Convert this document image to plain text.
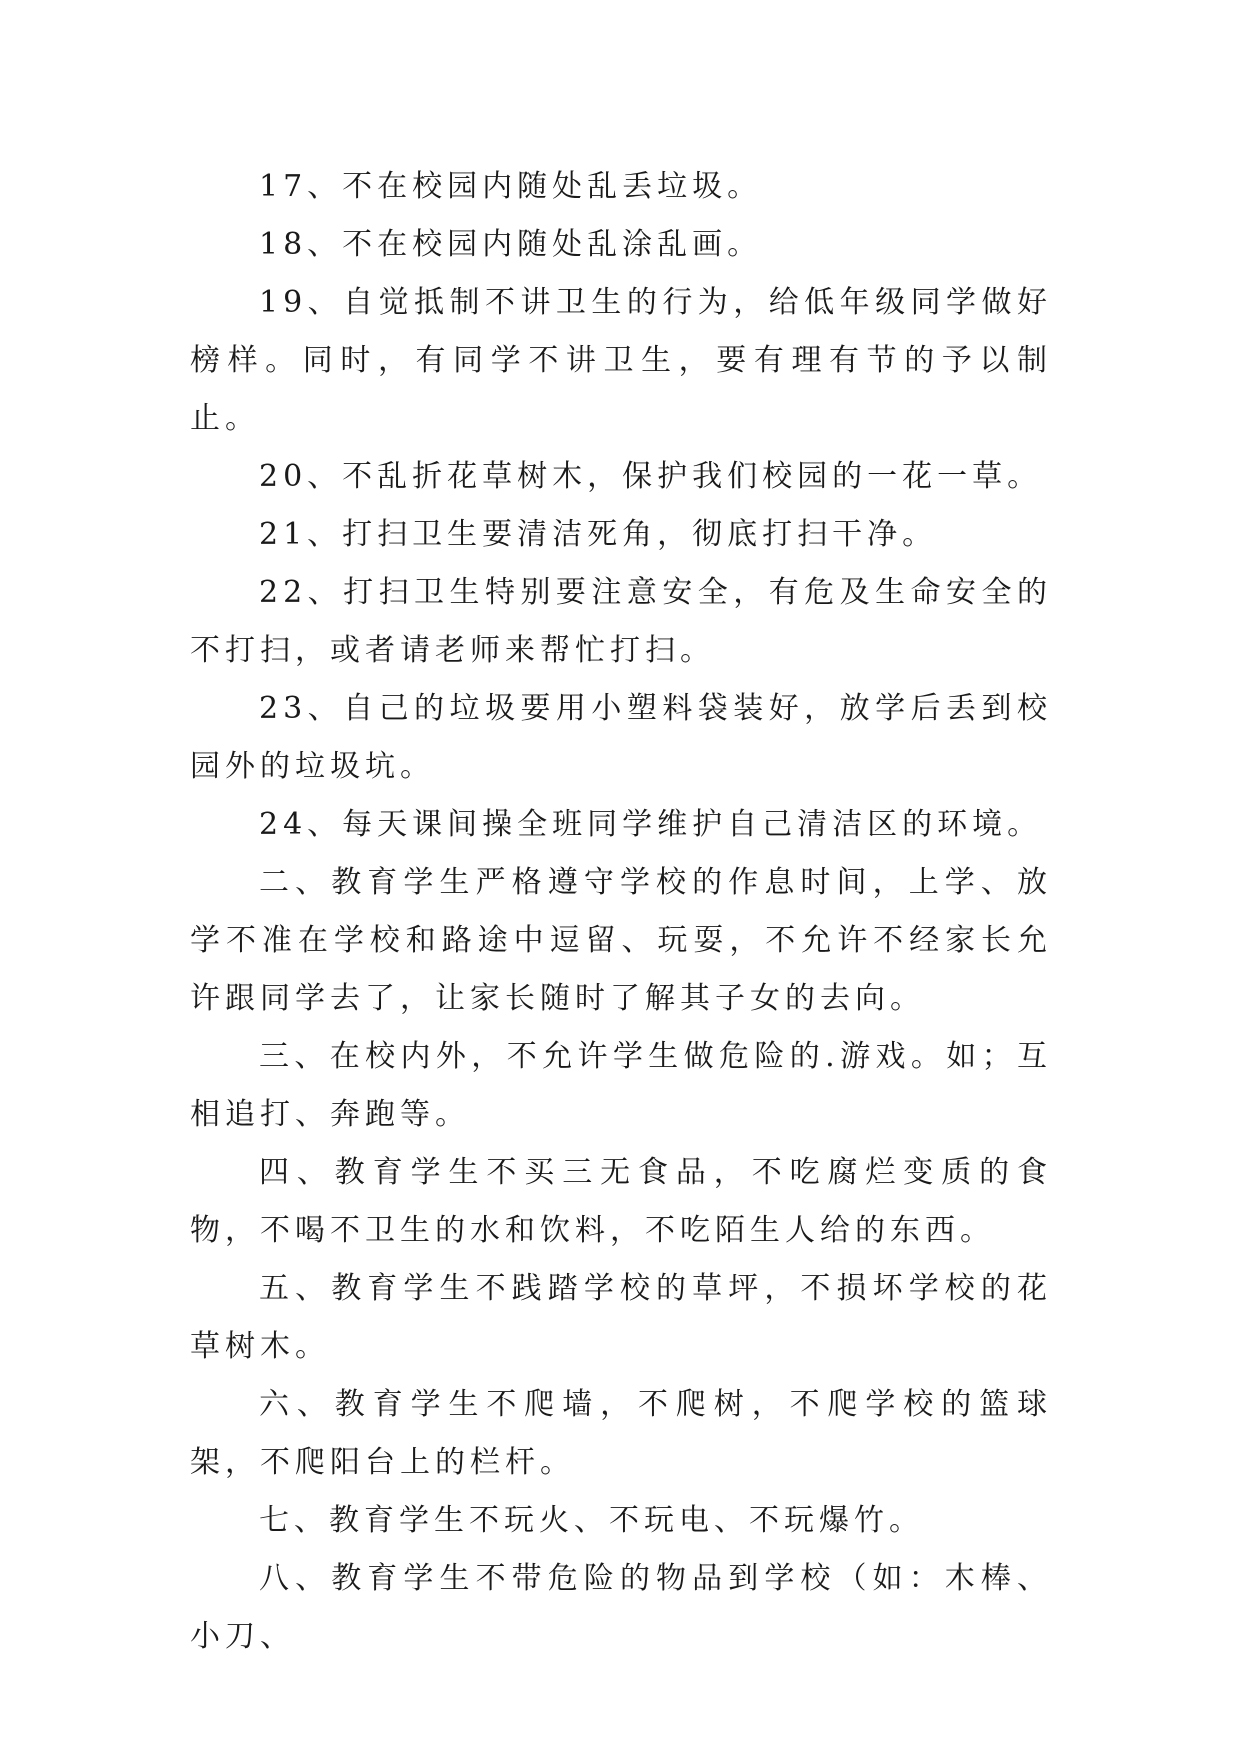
17、不在校园内随处乱丢垃圾。

18、不在校园内随处乱涂乱画。

19、自觉抵制不讲卫生的行为，给低年级同学做好榜样。同时，有同学不讲卫生，要有理有节的予以制止。

20、不乱折花草树木，保护我们校园的一花一草。

21、打扫卫生要清洁死角，彻底打扫干净。

22、打扫卫生特别要注意安全，有危及生命安全的不打扫，或者请老师来帮忙打扫。

23、自己的垃圾要用小塑料袋装好，放学后丢到校园外的垃圾坑。

24、每天课间操全班同学维护自己清洁区的环境。

二、教育学生严格遵守学校的作息时间，上学、放学不准在学校和路途中逗留、玩耍，不允许不经家长允许跟同学去了，让家长随时了解其子女的去向。

三、在校内外，不允许学生做危险的.游戏。如；互相追打、奔跑等。

四、教育学生不买三无食品，不吃腐烂变质的食物，不喝不卫生的水和饮料，不吃陌生人给的东西。

五、教育学生不践踏学校的草坪，不损坏学校的花草树木。

六、教育学生不爬墙，不爬树，不爬学校的篮球架，不爬阳台上的栏杆。

七、教育学生不玩火、不玩电、不玩爆竹。

八、教育学生不带危险的物品到学校（如：木棒、小刀、
